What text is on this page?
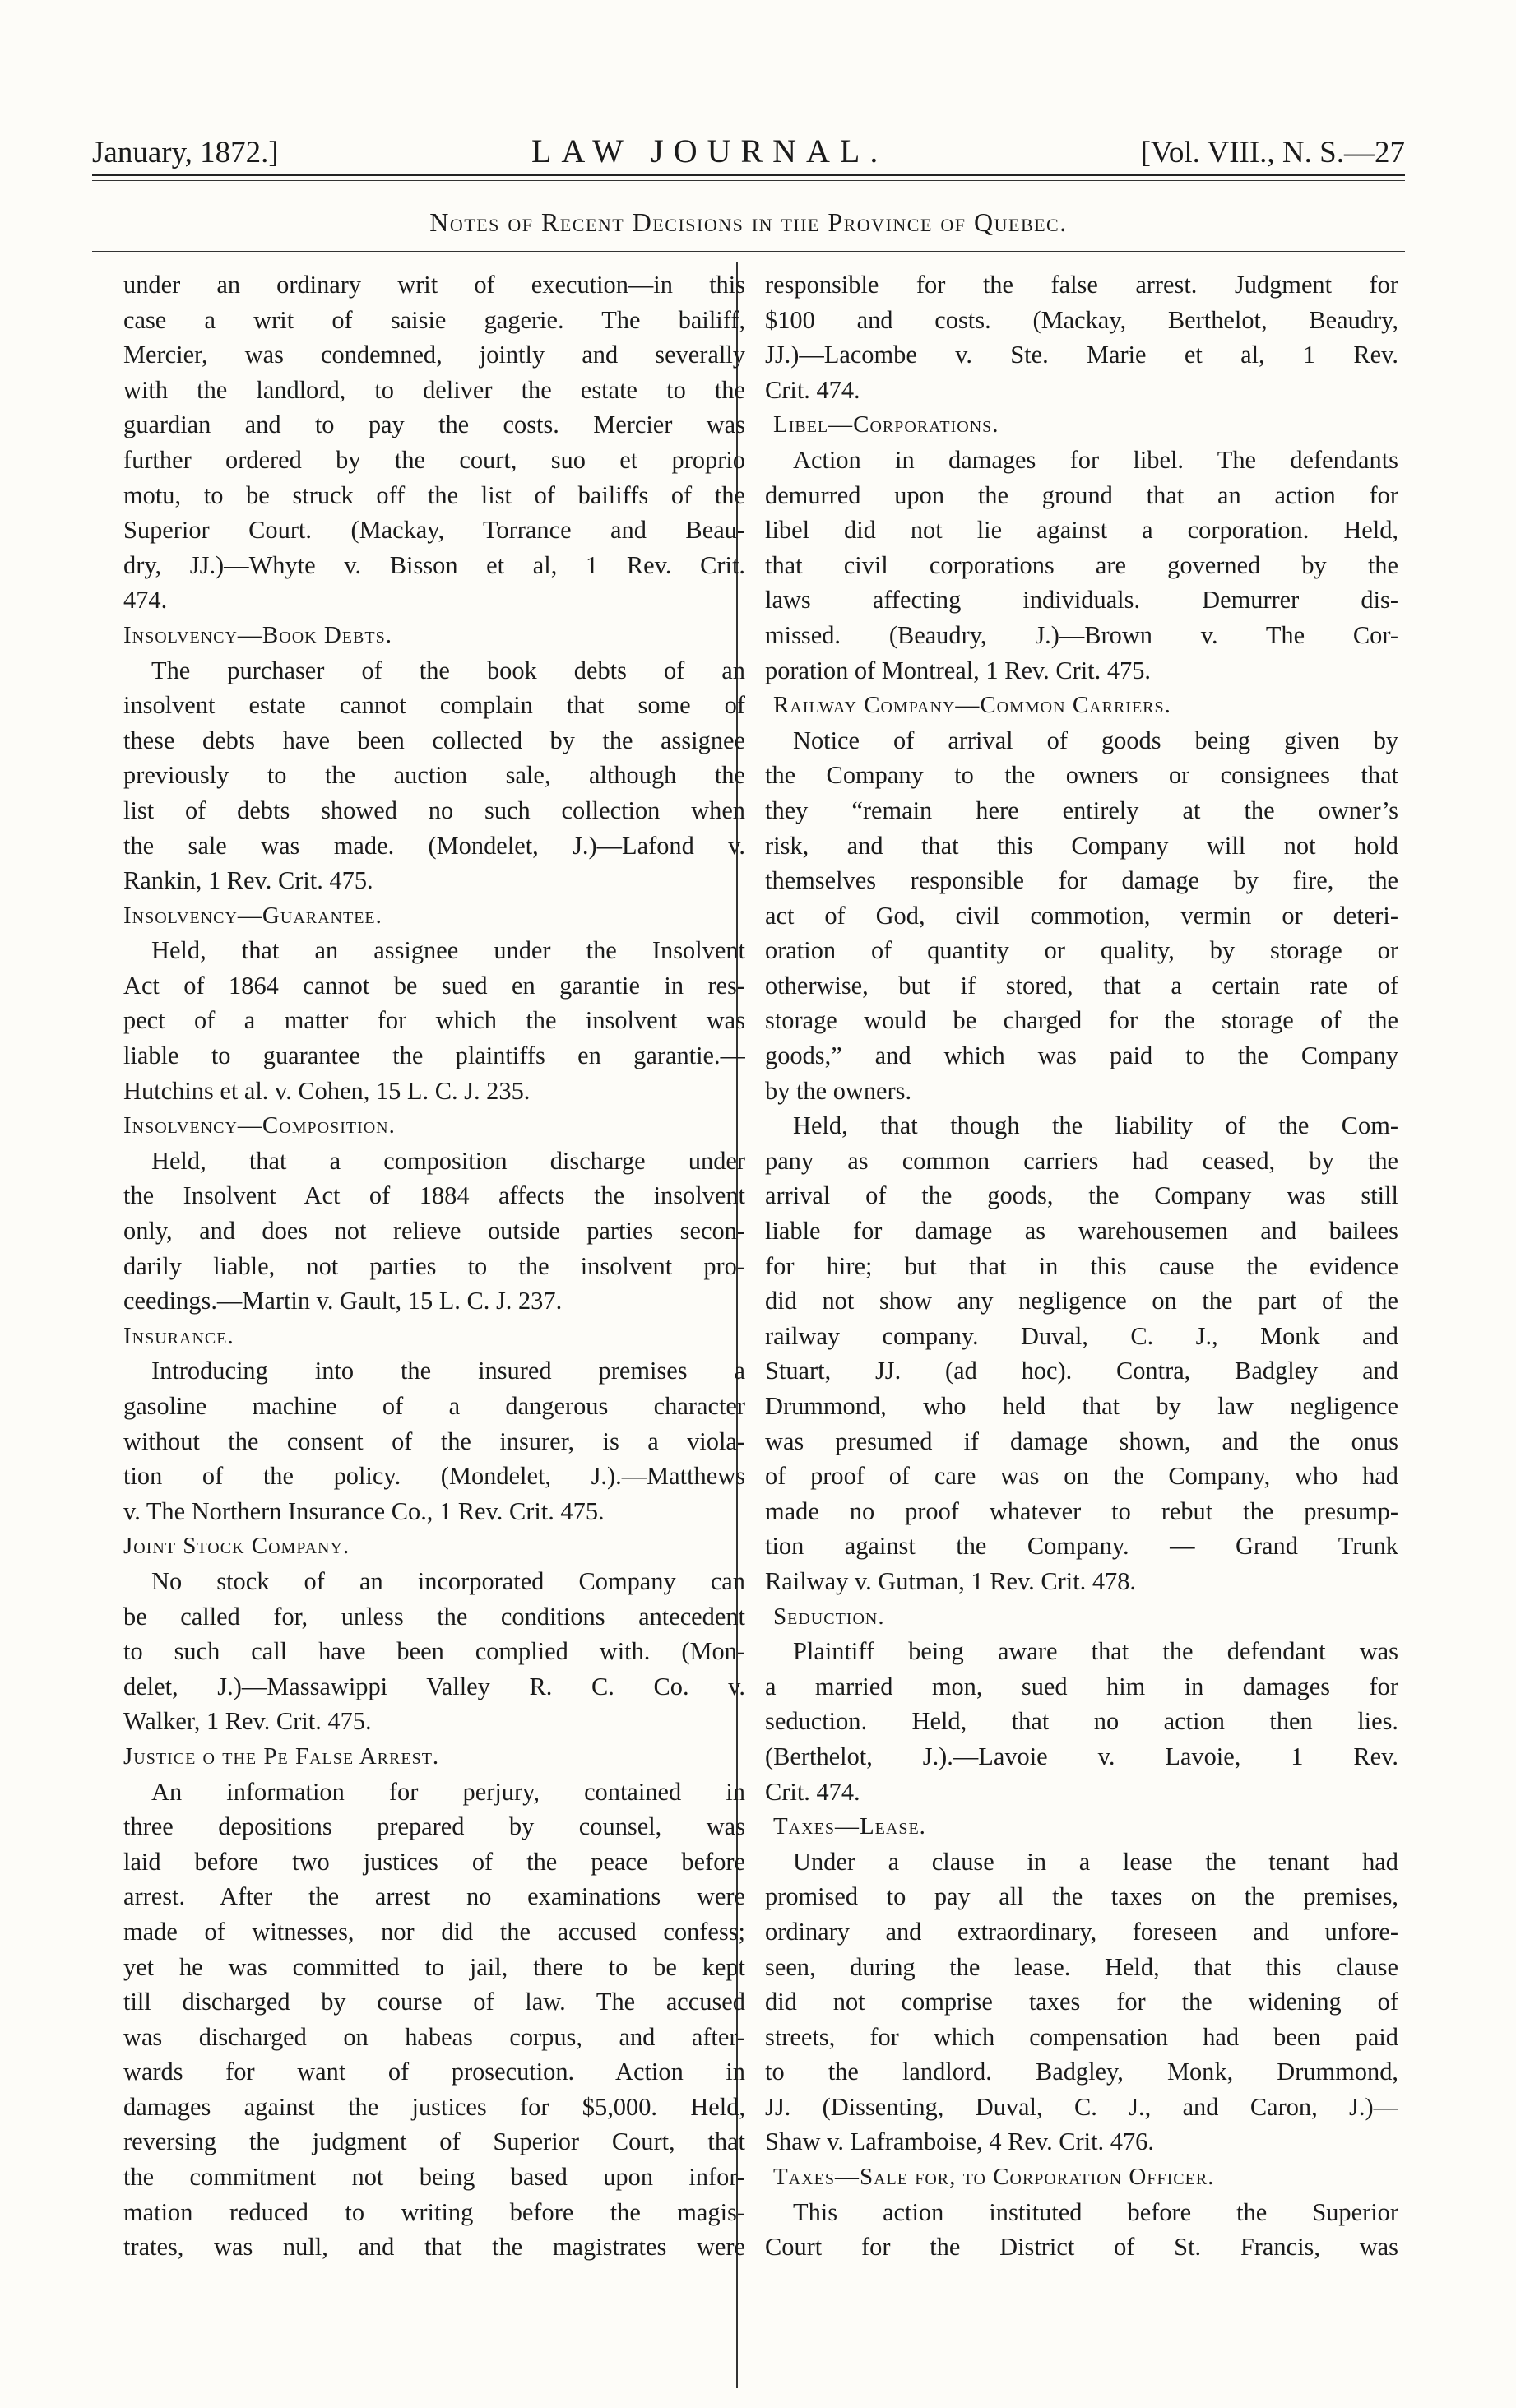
January, 1872.]	LAW JOURNAL.	[Vol. VIII., N. S.—27
Notes of Recent Decisions in the Province of Quebec.
under an ordinary writ of execution—in this
case a writ of saisie gagerie. The bailiff,
Mercier, was condemned, jointly and severally
with the landlord, to deliver the estate to the
guardian and to pay the costs. Mercier was
further ordered by the court, suo et proprio
motu, to be struck off the list of bailiffs of the
Superior Court. (Mackay, Torrance and Beau-
dry, JJ.)—Whyte v. Bisson et al, 1 Rev. Crit.
474.
Insolvency—Book Debts.
The purchaser of the book debts of an
insolvent estate cannot complain that some of
these debts have been collected by the assignee
previously to the auction sale, although the
list of debts showed no such collection when
the sale was made. (Mondelet, J.)—Lafond v.
Rankin, 1 Rev. Crit. 475.
Insolvency—Guarantee.
Held, that an assignee under the Insolvent
Act of 1864 cannot be sued en garantie in res-
pect of a matter for which the insolvent was
liable to guarantee the plaintiffs en garantie.—
Hutchins et al. v. Cohen, 15 L. C. J. 235.
Insolvency—Composition.
Held, that a composition discharge under
the Insolvent Act of 1884 affects the insolvent
only, and does not relieve outside parties secon-
darily liable, not parties to the insolvent pro-
ceedings.—Martin v. Gault, 15 L. C. J. 237.
Insurance.
Introducing into the insured premises a
gasoline machine of a dangerous character
without the consent of the insurer, is a viola-
tion of the policy. (Mondelet, J.).—Matthews
v. The Northern Insurance Co., 1 Rev. Crit. 475.
Joint Stock Company.
No stock of an incorporated Company can
be called for, unless the conditions antecedent
to such call have been complied with. (Mon-
delet, J.)—Massawippi Valley R. C. Co. v.
Walker, 1 Rev. Crit. 475.
Justice o the Pe False Arrest.
An information for perjury, contained in
three depositions prepared by counsel, was
laid before two justices of the peace before
arrest. After the arrest no examinations were
made of witnesses, nor did the accused confess;
yet he was committed to jail, there to be kept
till discharged by course of law. The accused
was discharged on habeas corpus, and after-
wards for want of prosecution. Action in
damages against the justices for $5,000. Held,
reversing the judgment of Superior Court, that
the commitment not being based upon infor-
mation reduced to writing before the magis-
trates, was null, and that the magistrates were
responsible for the false arrest. Judgment for
$100 and costs. (Mackay, Berthelot, Beaudry,
JJ.)—Lacombe v. Ste. Marie et al, 1 Rev.
Crit. 474.
Libel—Corporations.
Action in damages for libel. The defendants
demurred upon the ground that an action for
libel did not lie against a corporation. Held,
that civil corporations are governed by the
laws affecting individuals. Demurrer dis-
missed. (Beaudry, J.)—Brown v. The Cor-
poration of Montreal, 1 Rev. Crit. 475.
Railway Company—Common Carriers.
Notice of arrival of goods being given by
the Company to the owners or consignees that
they “remain here entirely at the owner’s
risk, and that this Company will not hold
themselves responsible for damage by fire, the
act of God, civil commotion, vermin or deteri-
oration of quantity or quality, by storage or
otherwise, but if stored, that a certain rate of
storage would be charged for the storage of the
goods,” and which was paid to the Company
by the owners.
Held, that though the liability of the Com-
pany as common carriers had ceased, by the
arrival of the goods, the Company was still
liable for damage as warehousemen and bailees
for hire; but that in this cause the evidence
did not show any negligence on the part of the
railway company. Duval, C. J., Monk and
Stuart, JJ. (ad hoc). Contra, Badgley and
Drummond, who held that by law negligence
was presumed if damage shown, and the onus
of proof of care was on the Company, who had
made no proof whatever to rebut the presump-
tion against the Company. — Grand Trunk
Railway v. Gutman, 1 Rev. Crit. 478.
Seduction.
Plaintiff being aware that the defendant was
a married mon, sued him in damages for
seduction. Held, that no action then lies.
(Berthelot, J.).—Lavoie v. Lavoie, 1 Rev.
Crit. 474.
Taxes—Lease.
Under a clause in a lease the tenant had
promised to pay all the taxes on the premises,
ordinary and extraordinary, foreseen and unfore-
seen, during the lease. Held, that this clause
did not comprise taxes for the widening of
streets, for which compensation had been paid
to the landlord. Badgley, Monk, Drummond,
JJ. (Dissenting, Duval, C. J., and Caron, J.)—
Shaw v. Laframboise, 4 Rev. Crit. 476.
Taxes—Sale for, to Corporation Officer.
This action instituted before the Superior
Court for the District of St. Francis, was
